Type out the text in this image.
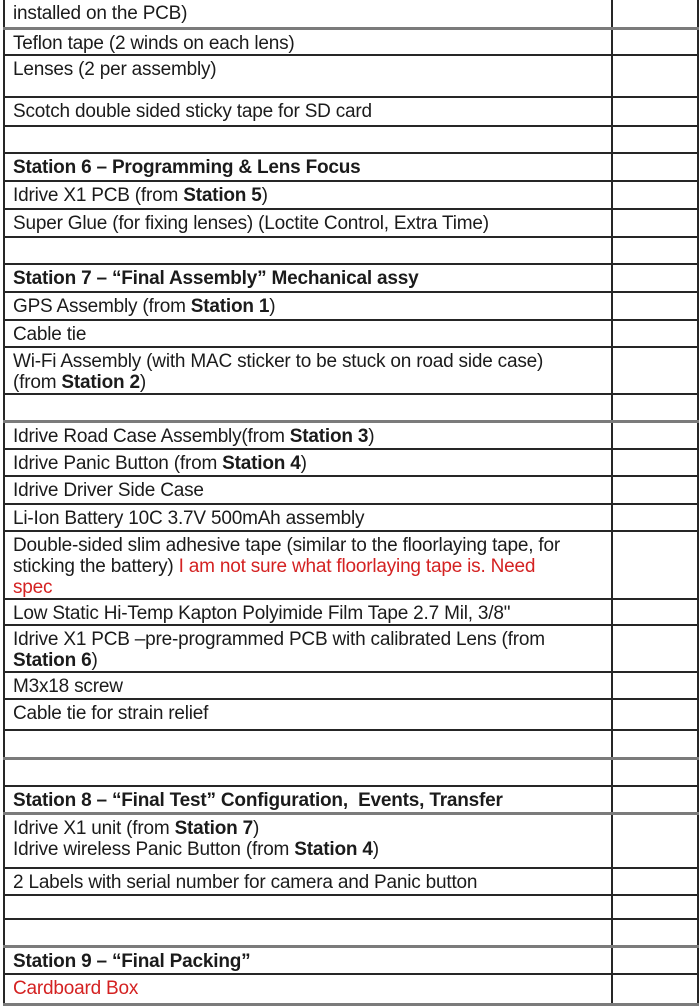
installed on the PCB)	
Teflon tape (2 winds on each lens)	
Lenses (2 per assembly)	
Scotch double sided sticky tape for SD card	

Station 6 – Programming & Lens Focus	
Idrive X1 PCB (from Station 5)	
Super Glue (for fixing lenses) (Loctite Control, Extra Time)	

Station 7 – “Final Assembly” Mechanical assy	
GPS Assembly (from Station 1)	
Cable tie	
Wi-Fi Assembly (with MAC sticker to be stuck on road side case)
(from Station 2)	

Idrive Road Case Assembly(from Station 3)	
Idrive Panic Button (from Station 4)	
Idrive Driver Side Case	
Li-Ion Battery 10C 3.7V 500mAh assembly	
Double-sided slim adhesive tape (similar to the floorlaying tape, for
sticking the battery) I am not sure what floorlaying tape is. Need
spec	
Low Static Hi-Temp Kapton Polyimide Film Tape 2.7 Mil, 3/8"	
Idrive X1 PCB –pre-programmed PCB with calibrated Lens (from
Station 6)	
M3x18 screw	
Cable tie for strain relief	

Station 8 – “Final Test” Configuration,  Events, Transfer	
Idrive X1 unit (from Station 7)
Idrive wireless Panic Button (from Station 4)	
2 Labels with serial number for camera and Panic button	

Station 9 – “Final Packing”	
Cardboard Box	
